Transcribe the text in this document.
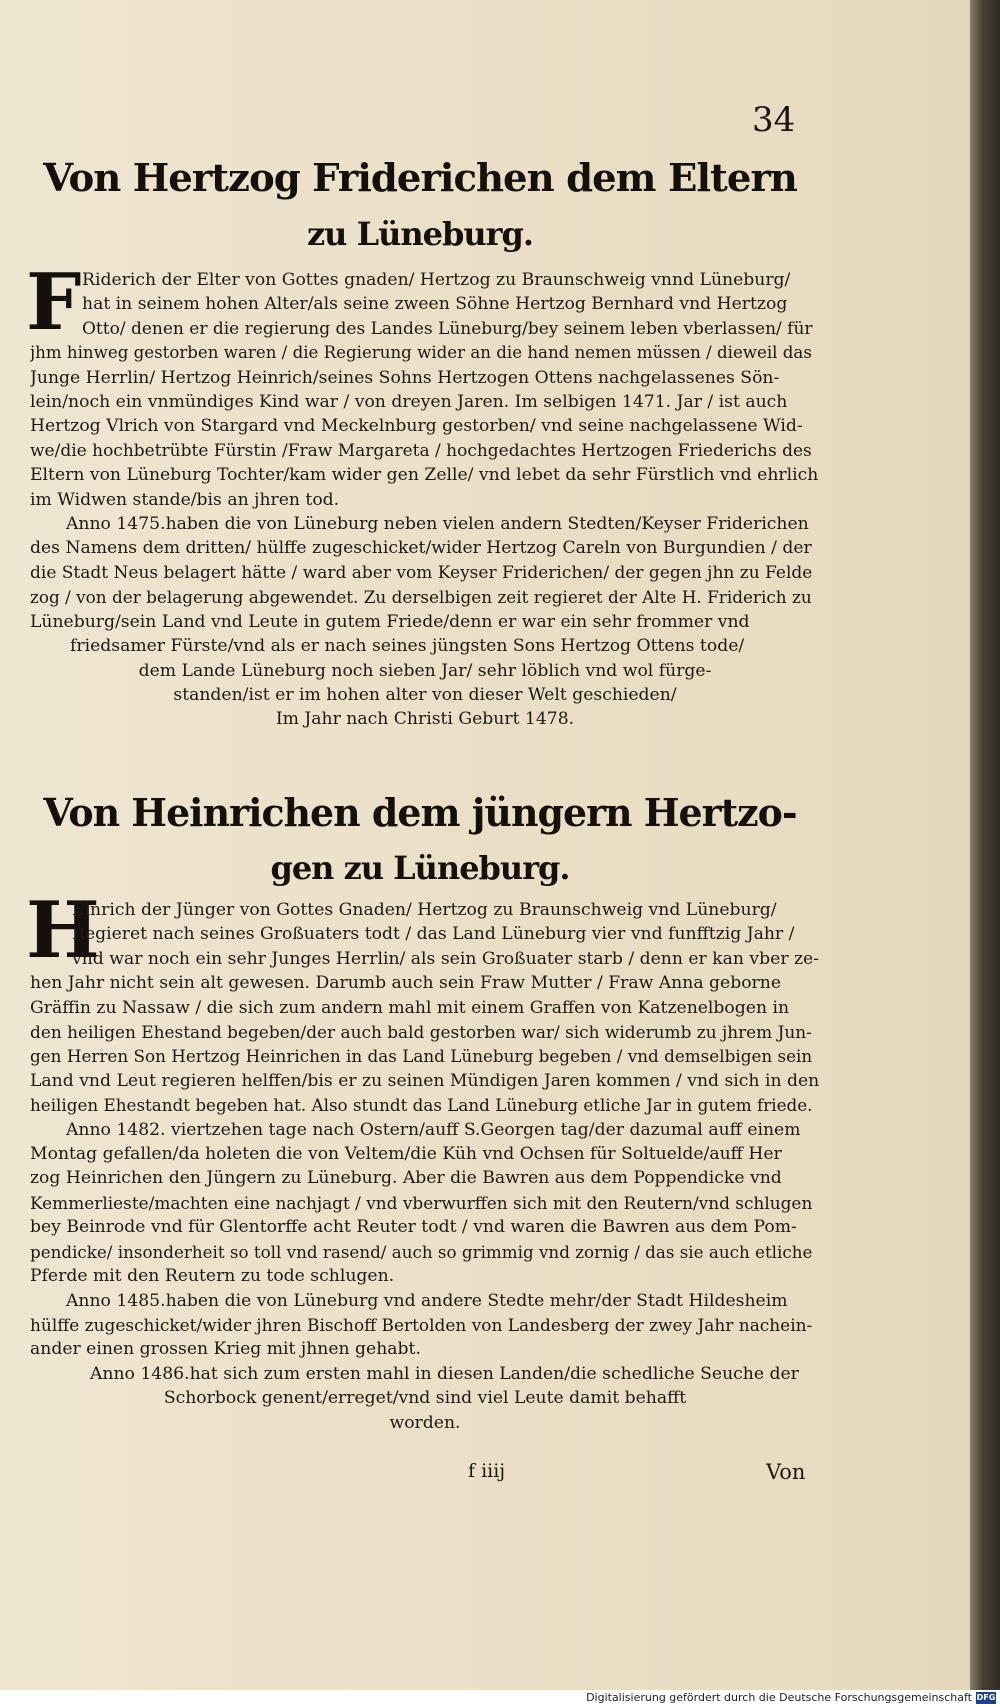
34
Von Hertzog Friderichen dem Eltern
zu Lüneburg.
F Riderich der Elter von Gottes gnaden/ Hertzog zu Braunschweig vnnd Lüneburg/
hat in seinem hohen Alter/als seine zween Söhne Hertzog Bernhard vnd Hertzog
Otto/ denen er die regierung des Landes Lüneburg/bey seinem leben vberlassen/ für
jhm hinweg gestorben waren / die Regierung wider an die hand nemen müssen / dieweil das
Junge Herrlin/ Hertzog Heinrich/seines Sohns Hertzogen Ottens nachgelassenes Sön-
lein/noch ein vnmündiges Kind war / von dreyen Jaren. Im selbigen 1471. Jar / ist auch
Hertzog Vlrich von Stargard vnd Meckelnburg gestorben/ vnd seine nachgelassene Wid-
we/die hochbetrübte Fürstin /Fraw Margareta / hochgedachtes Hertzogen Friederichs des
Eltern von Lüneburg Tochter/kam wider gen Zelle/ vnd lebet da sehr Fürstlich vnd ehrlich
im Widwen stande/bis an jhren tod.
Anno 1475.haben die von Lüneburg neben vielen andern Stedten/Keyser Friderichen
des Namens dem dritten/ hülffe zugeschicket/wider Hertzog Careln von Burgundien / der
die Stadt Neus belagert hätte / ward aber vom Keyser Friderichen/ der gegen jhn zu Felde
zog / von der belagerung abgewendet. Zu derselbigen zeit regieret der Alte H. Friderich zu
Lüneburg/sein Land vnd Leute in gutem Friede/denn er war ein sehr frommer vnd
friedsamer Fürste/vnd als er nach seines jüngsten Sons Hertzog Ottens tode/
dem Lande Lüneburg noch sieben Jar/ sehr löblich vnd wol fürge-
standen/ist er im hohen alter von dieser Welt geschieden/
Im Jahr nach Christi Geburt 1478.
Von Heinrichen dem jüngern Hertzo-
gen zu Lüneburg.
H
Einrich der Jünger von Gottes Gnaden/ Hertzog zu Braunschweig vnd Lüneburg/
Regieret nach seines Großuaters todt / das Land Lüneburg vier vnd funfftzig Jahr /
vnd war noch ein sehr Junges Herrlin/ als sein Großuater starb / denn er kan vber ze-
hen Jahr nicht sein alt gewesen. Darumb auch sein Fraw Mutter / Fraw Anna geborne
Gräffin zu Nassaw / die sich zum andern mahl mit einem Graffen von Katzenelbogen in
den heiligen Ehestand begeben/der auch bald gestorben war/ sich widerumb zu jhrem Jun-
gen Herren Son Hertzog Heinrichen in das Land Lüneburg begeben / vnd demselbigen sein
Land vnd Leut regieren helffen/bis er zu seinen Mündigen Jaren kommen / vnd sich in den
heiligen Ehestandt begeben hat. Also stundt das Land Lüneburg etliche Jar in gutem friede.
Anno 1482. viertzehen tage nach Ostern/auff S.Georgen tag/der dazumal auff einem
Montag gefallen/da holeten die von Veltem/die Küh vnd Ochsen für Soltuelde/auff Her
zog Heinrichen den Jüngern zu Lüneburg. Aber die Bawren aus dem Poppendicke vnd
Kemmerlieste/machten eine nachjagt / vnd vberwurffen sich mit den Reutern/vnd schlugen
bey Beinrode vnd für Glentorffe acht Reuter todt / vnd waren die Bawren aus dem Pom-
pendicke/ insonderheit so toll vnd rasend/ auch so grimmig vnd zornig / das sie auch etliche
Pferde mit den Reutern zu tode schlugen.
Anno 1485.haben die von Lüneburg vnd andere Stedte mehr/der Stadt Hildesheim
hülffe zugeschicket/wider jhren Bischoff Bertolden von Landesberg der zwey Jahr nachein-
ander einen grossen Krieg mit jhnen gehabt.
Anno 1486.hat sich zum ersten mahl in diesen Landen/die schedliche Seuche der
Schorbock genent/erreget/vnd sind viel Leute damit behafft
worden.
f iiij	Von
Digitalisierung gefördert durch die Deutsche Forschungsgemeinschaft DFG
